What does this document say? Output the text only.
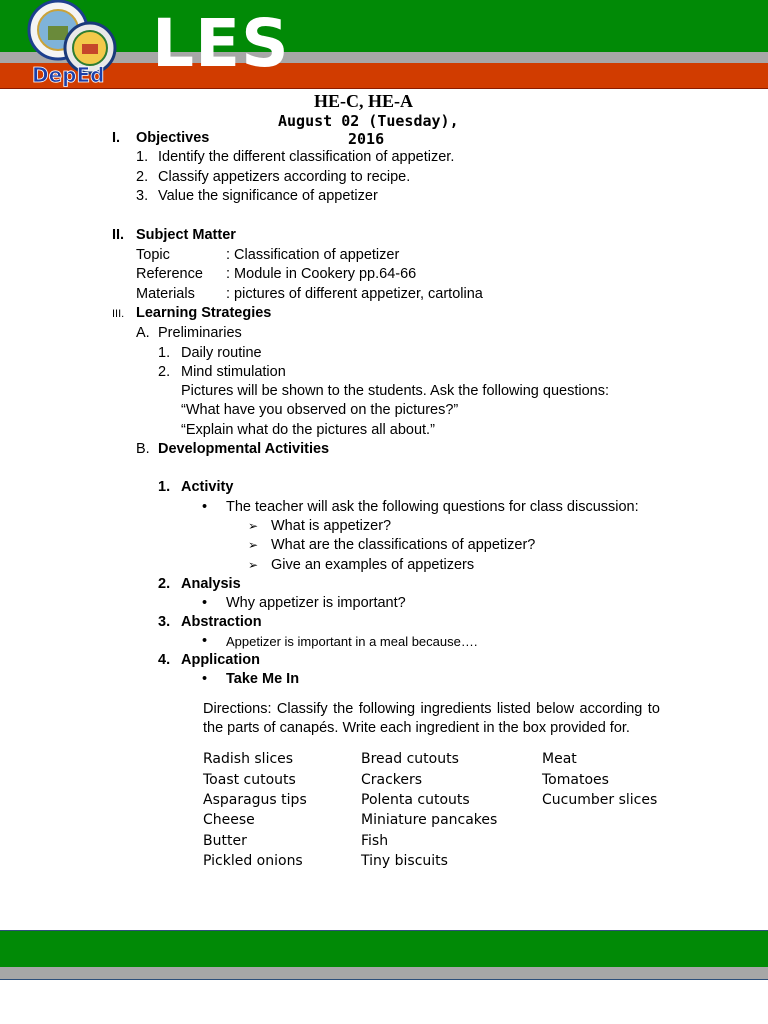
LES
DepEd
HE-C, HE-A
August 02 (Tuesday),
2016
I. Objectives
1. Identify the different classification of appetizer.
2. Classify appetizers according to recipe.
3. Value the significance of appetizer
II. Subject Matter
Topic	: Classification of appetizer
Reference : Module in Cookery pp.64-66
Materials : pictures of different appetizer, cartolina
III. Learning Strategies
A. Preliminaries
1. Daily routine
2. Mind stimulation
Pictures will be shown to the students. Ask the following questions:
“What have you observed on the pictures?”
“Explain what do the pictures all about.”
B. Developmental Activities
1. Activity
• The teacher will ask the following questions for class discussion:
➢ What is appetizer?
➢ What are the classifications of appetizer?
➢ Give an examples of appetizers
2. Analysis
• Why appetizer is important?
3. Abstraction
• Appetizer is important in a meal because….
4. Application
• Take Me In
Directions: Classify the following ingredients listed below according to
the parts of canapés. Write each ingredient in the box provided for.
Radish slices
Toast cutouts
Asparagus tips
Cheese
Butter
Pickled onions
Bread cutouts
Crackers
Polenta cutouts
Miniature pancakes
Fish
Tiny biscuits
Meat
Tomatoes
Cucumber slices
